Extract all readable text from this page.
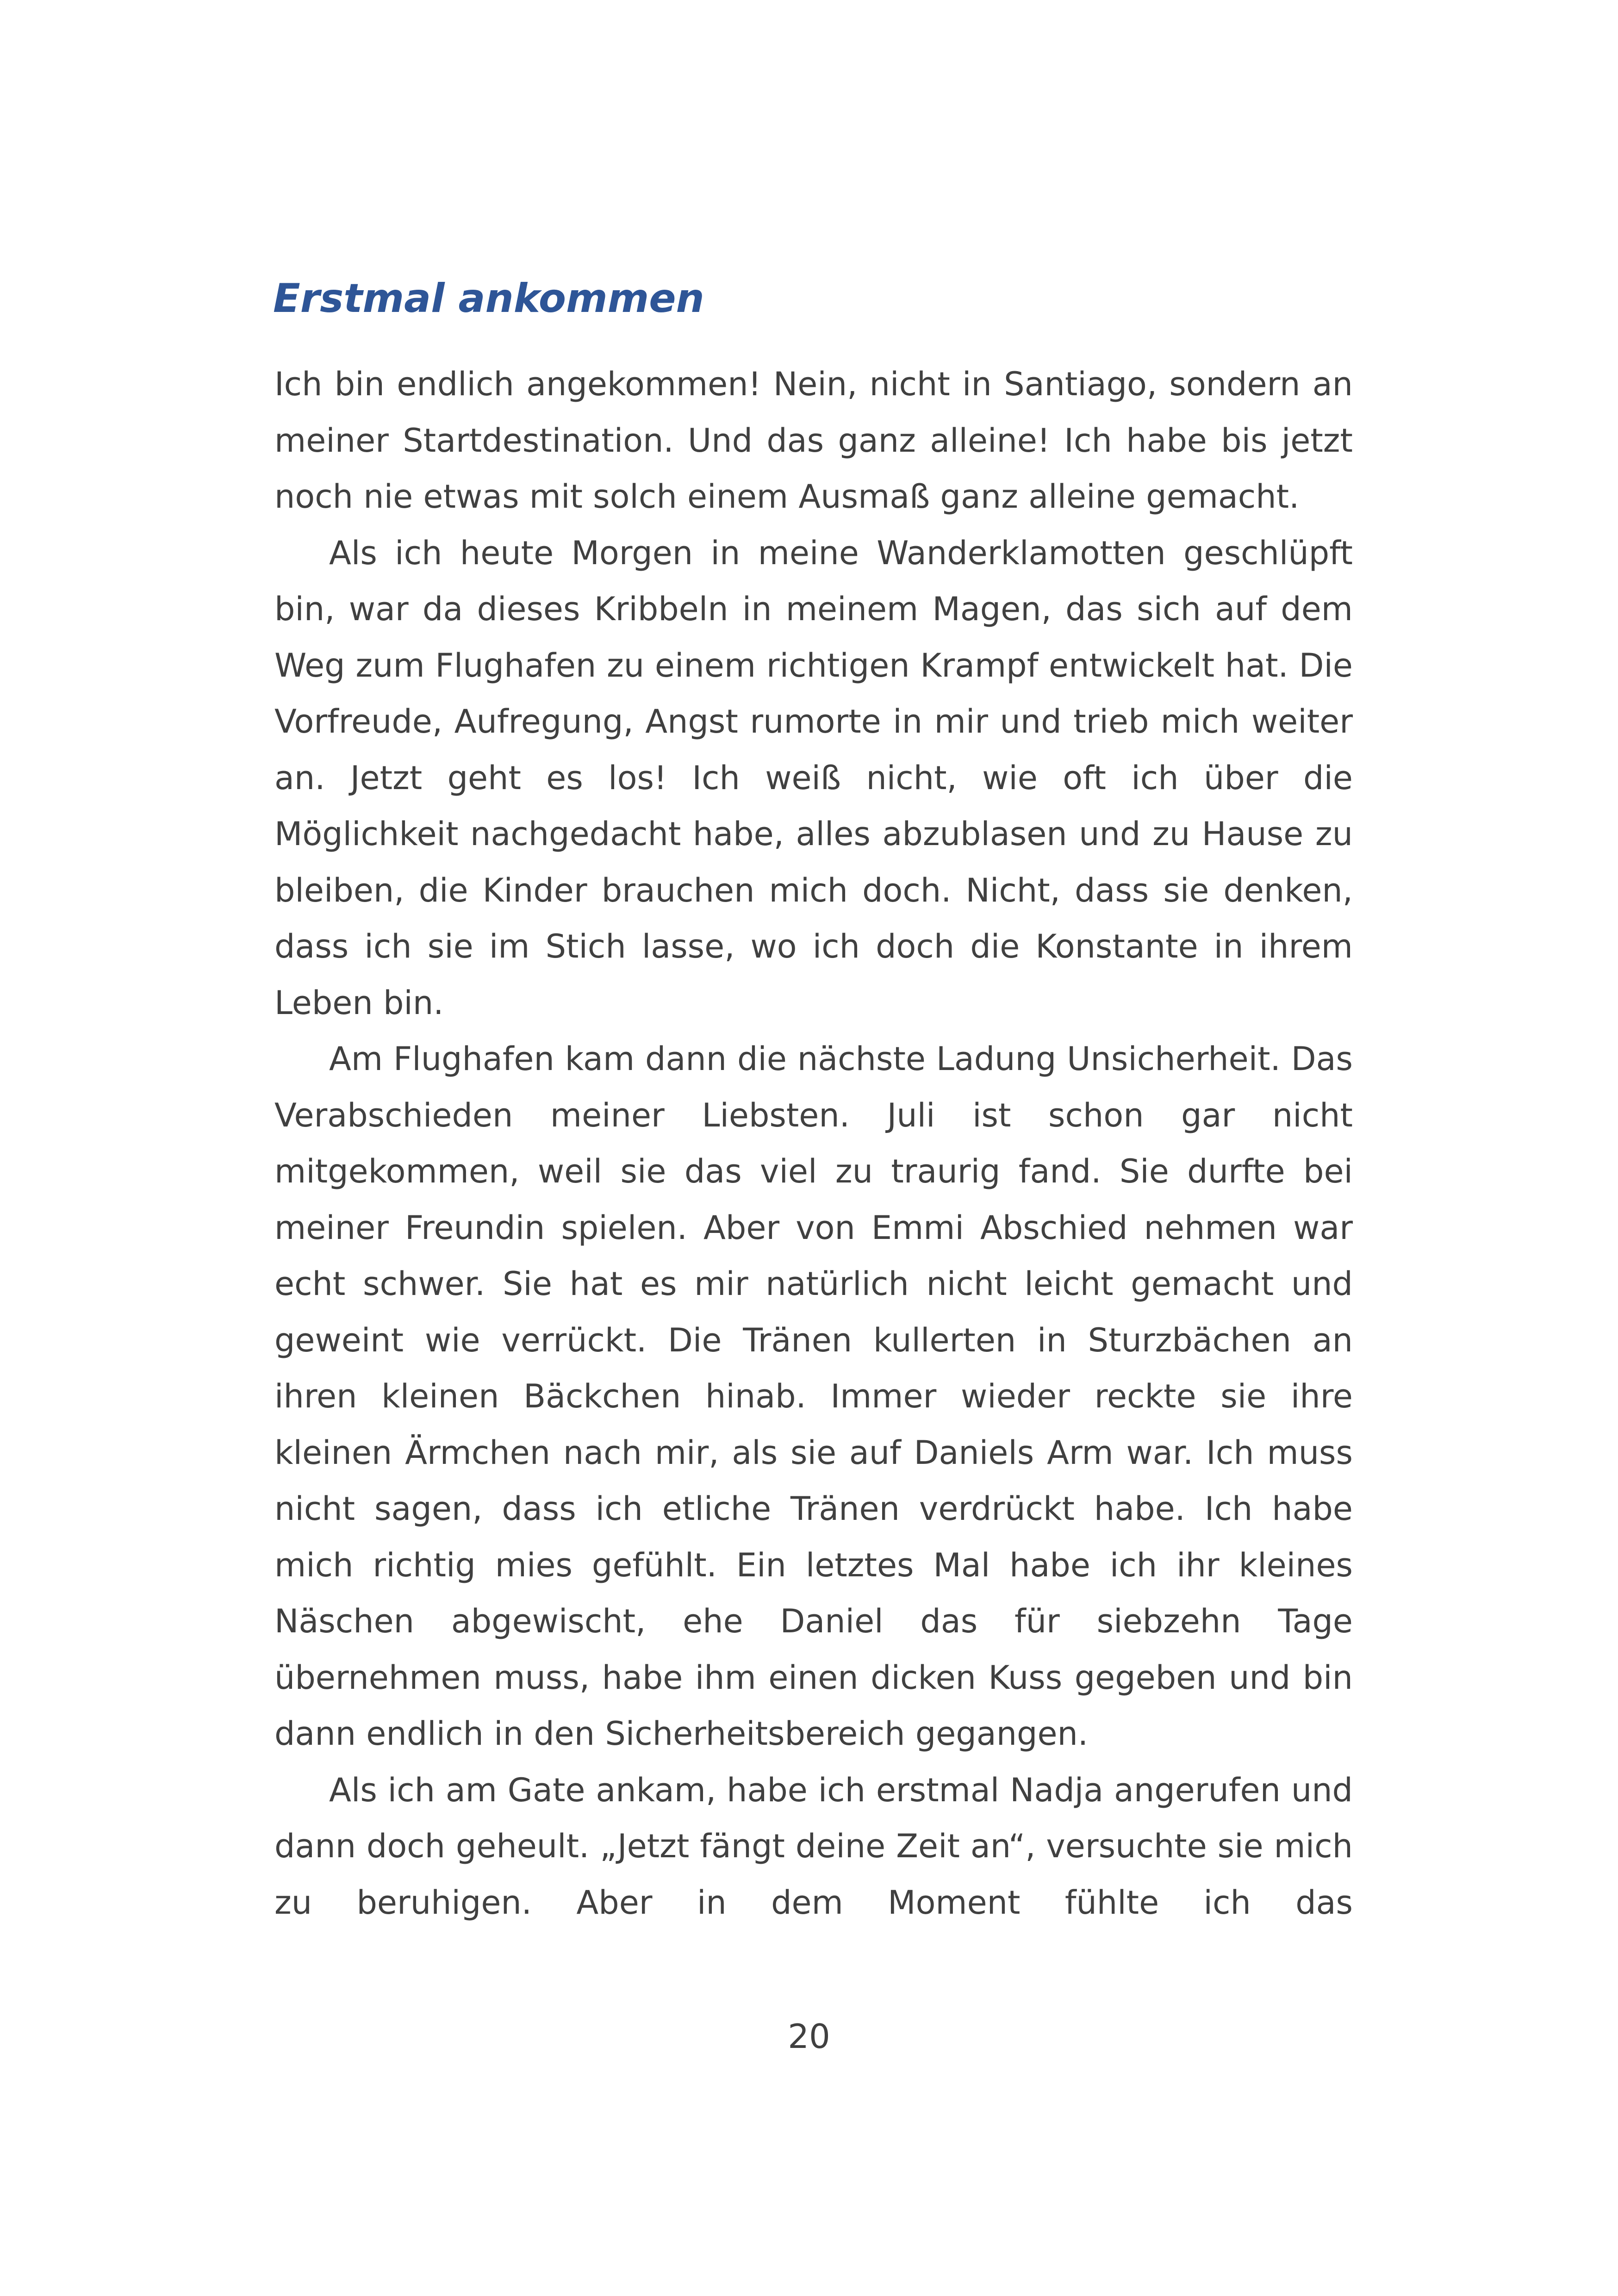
Erstmal ankommen

Ich bin endlich angekommen! Nein, nicht in Santiago, sondern an meiner Startdestination. Und das ganz alleine! Ich habe bis jetzt noch nie etwas mit solch einem Ausmaß ganz alleine gemacht.

Als ich heute Morgen in meine Wanderklamotten geschlüpft bin, war da dieses Kribbeln in meinem Magen, das sich auf dem Weg zum Flughafen zu einem richtigen Krampf entwickelt hat. Die Vorfreude, Aufregung, Angst rumorte in mir und trieb mich weiter an. Jetzt geht es los! Ich weiß nicht, wie oft ich über die Möglichkeit nachgedacht habe, alles abzublasen und zu Hause zu bleiben, die Kinder brauchen mich doch. Nicht, dass sie denken, dass ich sie im Stich lasse, wo ich doch die Konstante in ihrem Leben bin.

Am Flughafen kam dann die nächste Ladung Unsicherheit. Das Verabschieden meiner Liebsten. Juli ist schon gar nicht mitgekommen, weil sie das viel zu traurig fand. Sie durfte bei meiner Freundin spielen. Aber von Emmi Abschied nehmen war echt schwer. Sie hat es mir natürlich nicht leicht gemacht und geweint wie verrückt. Die Tränen kullerten in Sturzbächen an ihren kleinen Bäckchen hinab. Immer wieder reckte sie ihre kleinen Ärmchen nach mir, als sie auf Daniels Arm war. Ich muss nicht sagen, dass ich etliche Tränen verdrückt habe. Ich habe mich richtig mies gefühlt. Ein letztes Mal habe ich ihr kleines Näschen abgewischt, ehe Daniel das für siebzehn Tage übernehmen muss, habe ihm einen dicken Kuss gegeben und bin dann endlich in den Sicherheitsbereich gegangen.

Als ich am Gate ankam, habe ich erstmal Nadja angerufen und dann doch geheult. „Jetzt fängt deine Zeit an“, versuchte sie mich zu beruhigen. Aber in dem Moment fühlte ich das

20
